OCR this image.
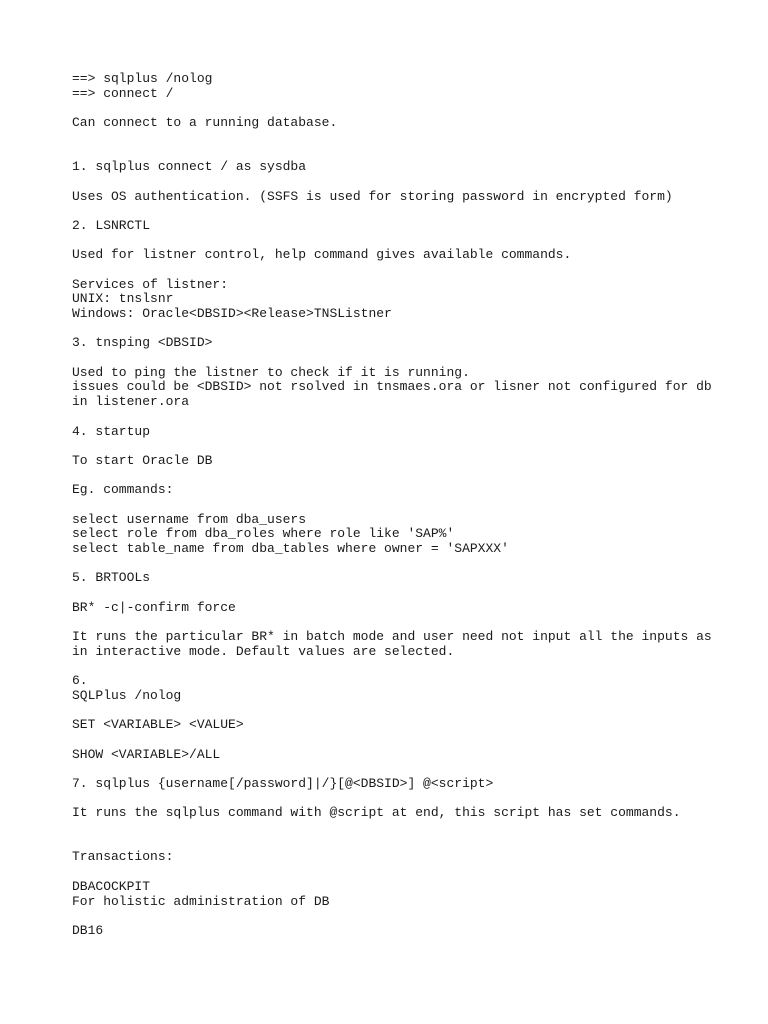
==> sqlplus /nolog
==> connect /
Can connect to a running database.
1. sqlplus connect / as sysdba
Uses OS authentication. (SSFS is used for storing password in encrypted form)
2. LSNRCTL
Used for listner control, help command gives available commands.
Services of listner:
UNIX: tnslsnr
Windows: Oracle<DBSID><Release>TNSListner
3. tnsping <DBSID>
Used to ping the listner to check if it is running.
issues could be <DBSID> not rsolved in tnsmaes.ora or lisner not configured for db
in listener.ora
4. startup
To start Oracle DB
Eg. commands:
select username from dba_users
select role from dba_roles where role like 'SAP%'
select table_name from dba_tables where owner = 'SAPXXX'
5. BRTOOLs
BR* -c|-confirm force
It runs the particular BR* in batch mode and user need not input all the inputs as
in interactive mode. Default values are selected.
6.
SQLPlus /nolog
SET <VARIABLE> <VALUE>
SHOW <VARIABLE>/ALL
7. sqlplus {username[/password]|/}[@<DBSID>] @<script>
It runs the sqlplus command with @script at end, this script has set commands.
Transactions:
DBACOCKPIT
For holistic administration of DB
DB16
